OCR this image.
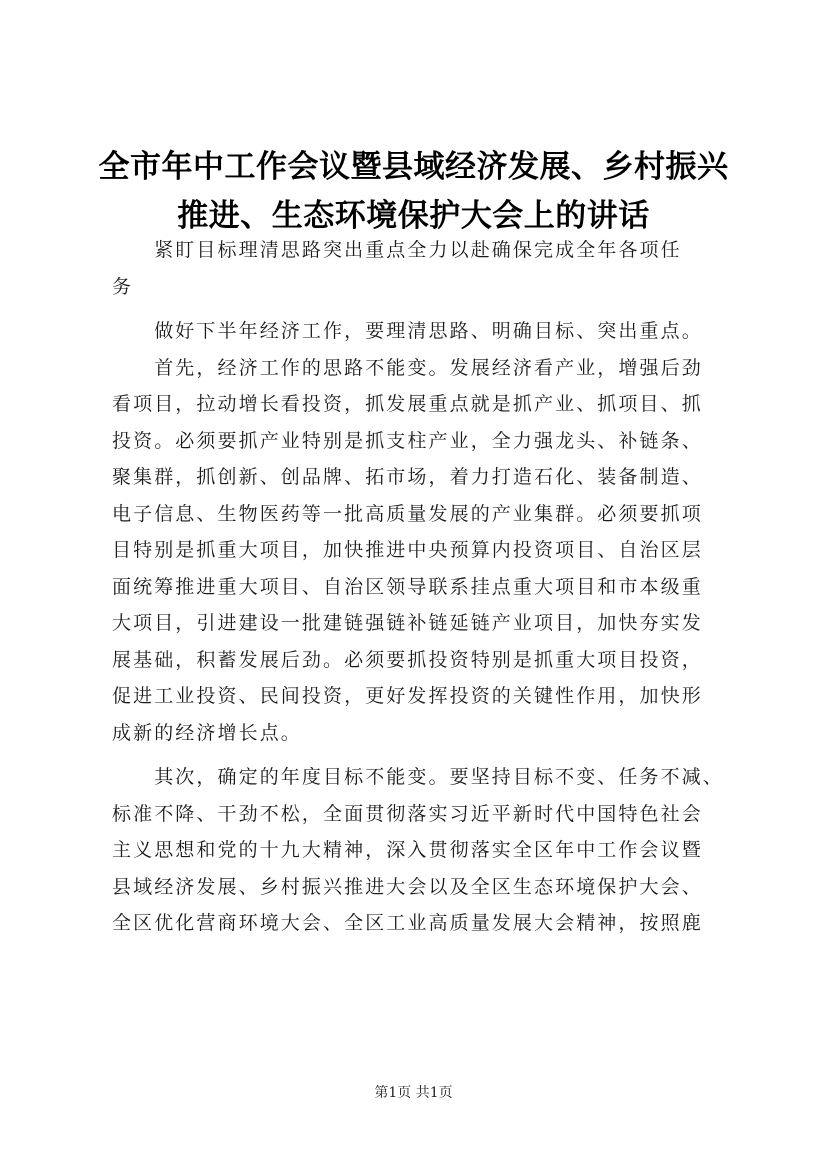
全市年中工作会议暨县域经济发展、乡村振兴
推进、生态环境保护大会上的讲话
　　紧盯目标理清思路突出重点全力以赴确保完成全年各项任
务
　　做好下半年经济工作，要理清思路、明确目标、突出重点。
　　首先，经济工作的思路不能变。发展经济看产业，增强后劲
看项目，拉动增长看投资，抓发展重点就是抓产业、抓项目、抓
投资。必须要抓产业特别是抓支柱产业，全力强龙头、补链条、
聚集群，抓创新、创品牌、拓市场，着力打造石化、装备制造、
电子信息、生物医药等一批高质量发展的产业集群。必须要抓项
目特别是抓重大项目，加快推进中央预算内投资项目、自治区层
面统筹推进重大项目、自治区领导联系挂点重大项目和市本级重
大项目，引进建设一批建链强链补链延链产业项目，加快夯实发
展基础，积蓄发展后劲。必须要抓投资特别是抓重大项目投资，
促进工业投资、民间投资，更好发挥投资的关键性作用，加快形
成新的经济增长点。
　　其次，确定的年度目标不能变。要坚持目标不变、任务不减、
标准不降、干劲不松，全面贯彻落实习近平新时代中国特色社会
主义思想和党的十九大精神，深入贯彻落实全区年中工作会议暨
县域经济发展、乡村振兴推进大会以及全区生态环境保护大会、
全区优化营商环境大会、全区工业高质量发展大会精神，按照鹿
第1页 共1页
